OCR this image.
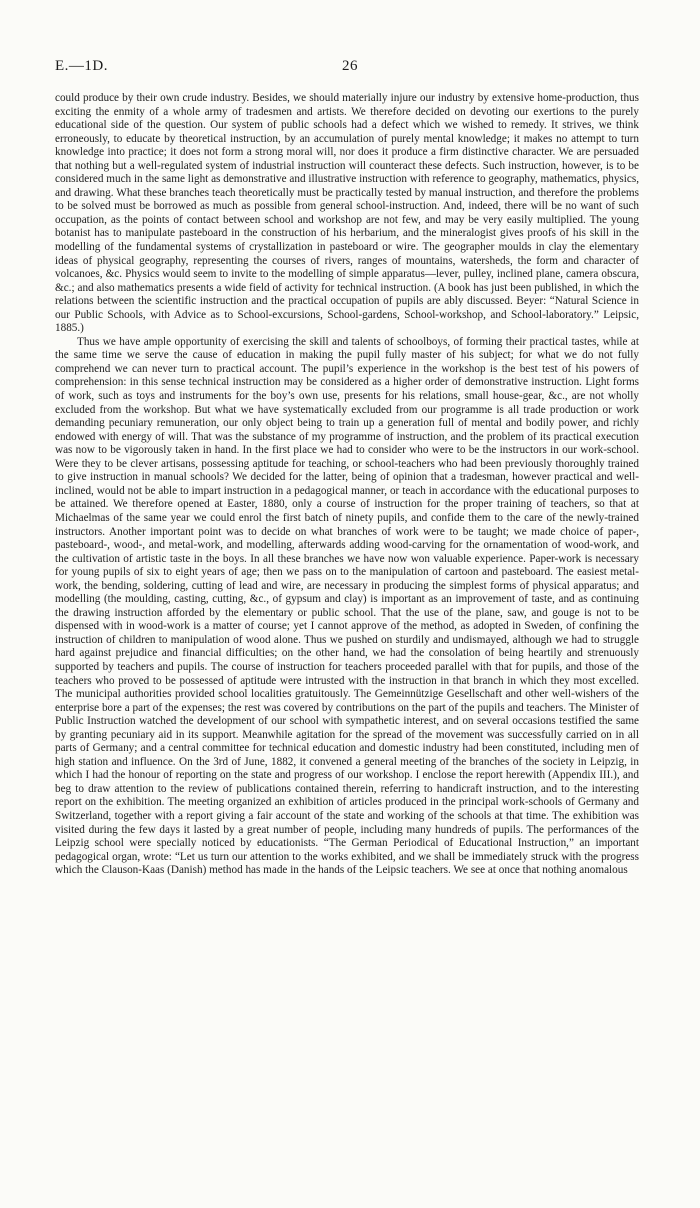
E.—1D.	26

could produce by their own crude industry. Besides, we should materially injure our industry by extensive home-production, thus exciting the enmity of a whole army of tradesmen and artists. We therefore decided on devoting our exertions to the purely educational side of the question. Our system of public schools had a defect which we wished to remedy. It strives, we think erroneously, to educate by theoretical instruction, by an accumulation of purely mental knowledge; it makes no attempt to turn knowledge into practice; it does not form a strong moral will, nor does it produce a firm distinctive character. We are persuaded that nothing but a well-regulated system of industrial instruction will counteract these defects. Such instruction, however, is to be considered much in the same light as demonstrative and illustrative instruction with reference to geography, mathematics, physics, and drawing. What these branches teach theoretically must be practically tested by manual instruction, and therefore the problems to be solved must be borrowed as much as possible from general school-instruction. And, indeed, there will be no want of such occupation, as the points of contact between school and workshop are not few, and may be very easily multiplied. The young botanist has to manipulate pasteboard in the construction of his herbarium, and the mineralogist gives proofs of his skill in the modelling of the fundamental systems of crystallization in pasteboard or wire. The geographer moulds in clay the elementary ideas of physical geography, representing the courses of rivers, ranges of mountains, watersheds, the form and character of volcanoes, &c. Physics would seem to invite to the modelling of simple apparatus—lever, pulley, inclined plane, camera obscura, &c.; and also mathematics presents a wide field of activity for technical instruction. (A book has just been published, in which the relations between the scientific instruction and the practical occupation of pupils are ably discussed. Beyer: “Natural Science in our Public Schools, with Advice as to School-excursions, School-gardens, School-workshop, and School-laboratory.” Leipsic, 1885.)

Thus we have ample opportunity of exercising the skill and talents of schoolboys, of forming their practical tastes, while at the same time we serve the cause of education in making the pupil fully master of his subject; for what we do not fully comprehend we can never turn to practical account. The pupil’s experience in the workshop is the best test of his powers of comprehension: in this sense technical instruction may be considered as a higher order of demonstrative instruction. Light forms of work, such as toys and instruments for the boy’s own use, presents for his relations, small house-gear, &c., are not wholly excluded from the workshop. But what we have systematically excluded from our programme is all trade production or work demanding pecuniary remuneration, our only object being to train up a generation full of mental and bodily power, and richly endowed with energy of will. That was the substance of my programme of instruction, and the problem of its practical execution was now to be vigorously taken in hand. In the first place we had to consider who were to be the instructors in our work-school. Were they to be clever artisans, possessing aptitude for teaching, or school-teachers who had been previously thoroughly trained to give instruction in manual schools? We decided for the latter, being of opinion that a tradesman, however practical and well-inclined, would not be able to impart instruction in a pedagogical manner, or teach in accordance with the educational purposes to be attained. We therefore opened at Easter, 1880, only a course of instruction for the proper training of teachers, so that at Michaelmas of the same year we could enrol the first batch of ninety pupils, and confide them to the care of the newly-trained instructors. Another important point was to decide on what branches of work were to be taught; we made choice of paper-, pasteboard-, wood-, and metal-work, and modelling, afterwards adding wood-carving for the ornamentation of wood-work, and the cultivation of artistic taste in the boys. In all these branches we have now won valuable experience. Paper-work is necessary for young pupils of six to eight years of age; then we pass on to the manipulation of cartoon and pasteboard. The easiest metal-work, the bending, soldering, cutting of lead and wire, are necessary in producing the simplest forms of physical apparatus; and modelling (the moulding, casting, cutting, &c., of gypsum and clay) is important as an improvement of taste, and as continuing the drawing instruction afforded by the elementary or public school. That the use of the plane, saw, and gouge is not to be dispensed with in wood-work is a matter of course; yet I cannot approve of the method, as adopted in Sweden, of confining the instruction of children to manipulation of wood alone. Thus we pushed on sturdily and undismayed, although we had to struggle hard against prejudice and financial difficulties; on the other hand, we had the consolation of being heartily and strenuously supported by teachers and pupils. The course of instruction for teachers proceeded parallel with that for pupils, and those of the teachers who proved to be possessed of aptitude were intrusted with the instruction in that branch in which they most excelled. The municipal authorities provided school localities gratuitously. The Gemeinnützige Gesellschaft and other well-wishers of the enterprise bore a part of the expenses; the rest was covered by contributions on the part of the pupils and teachers. The Minister of Public Instruction watched the development of our school with sympathetic interest, and on several occasions testified the same by granting pecuniary aid in its support. Meanwhile agitation for the spread of the movement was successfully carried on in all parts of Germany; and a central committee for technical education and domestic industry had been constituted, including men of high station and influence. On the 3rd of June, 1882, it convened a general meeting of the branches of the society in Leipzig, in which I had the honour of reporting on the state and progress of our workshop. I enclose the report herewith (Appendix III.), and beg to draw attention to the review of publications contained therein, referring to handicraft instruction, and to the interesting report on the exhibition. The meeting organized an exhibition of articles produced in the principal work-schools of Germany and Switzerland, together with a report giving a fair account of the state and working of the schools at that time. The exhibition was visited during the few days it lasted by a great number of people, including many hundreds of pupils. The performances of the Leipzig school were specially noticed by educationists. “The German Periodical of Educational Instruction,” an important pedagogical organ, wrote: “Let us turn our attention to the works exhibited, and we shall be immediately struck with the progress which the Clauson-Kaas (Danish) method has made in the hands of the Leipsic teachers. We see at once that nothing anomalous
